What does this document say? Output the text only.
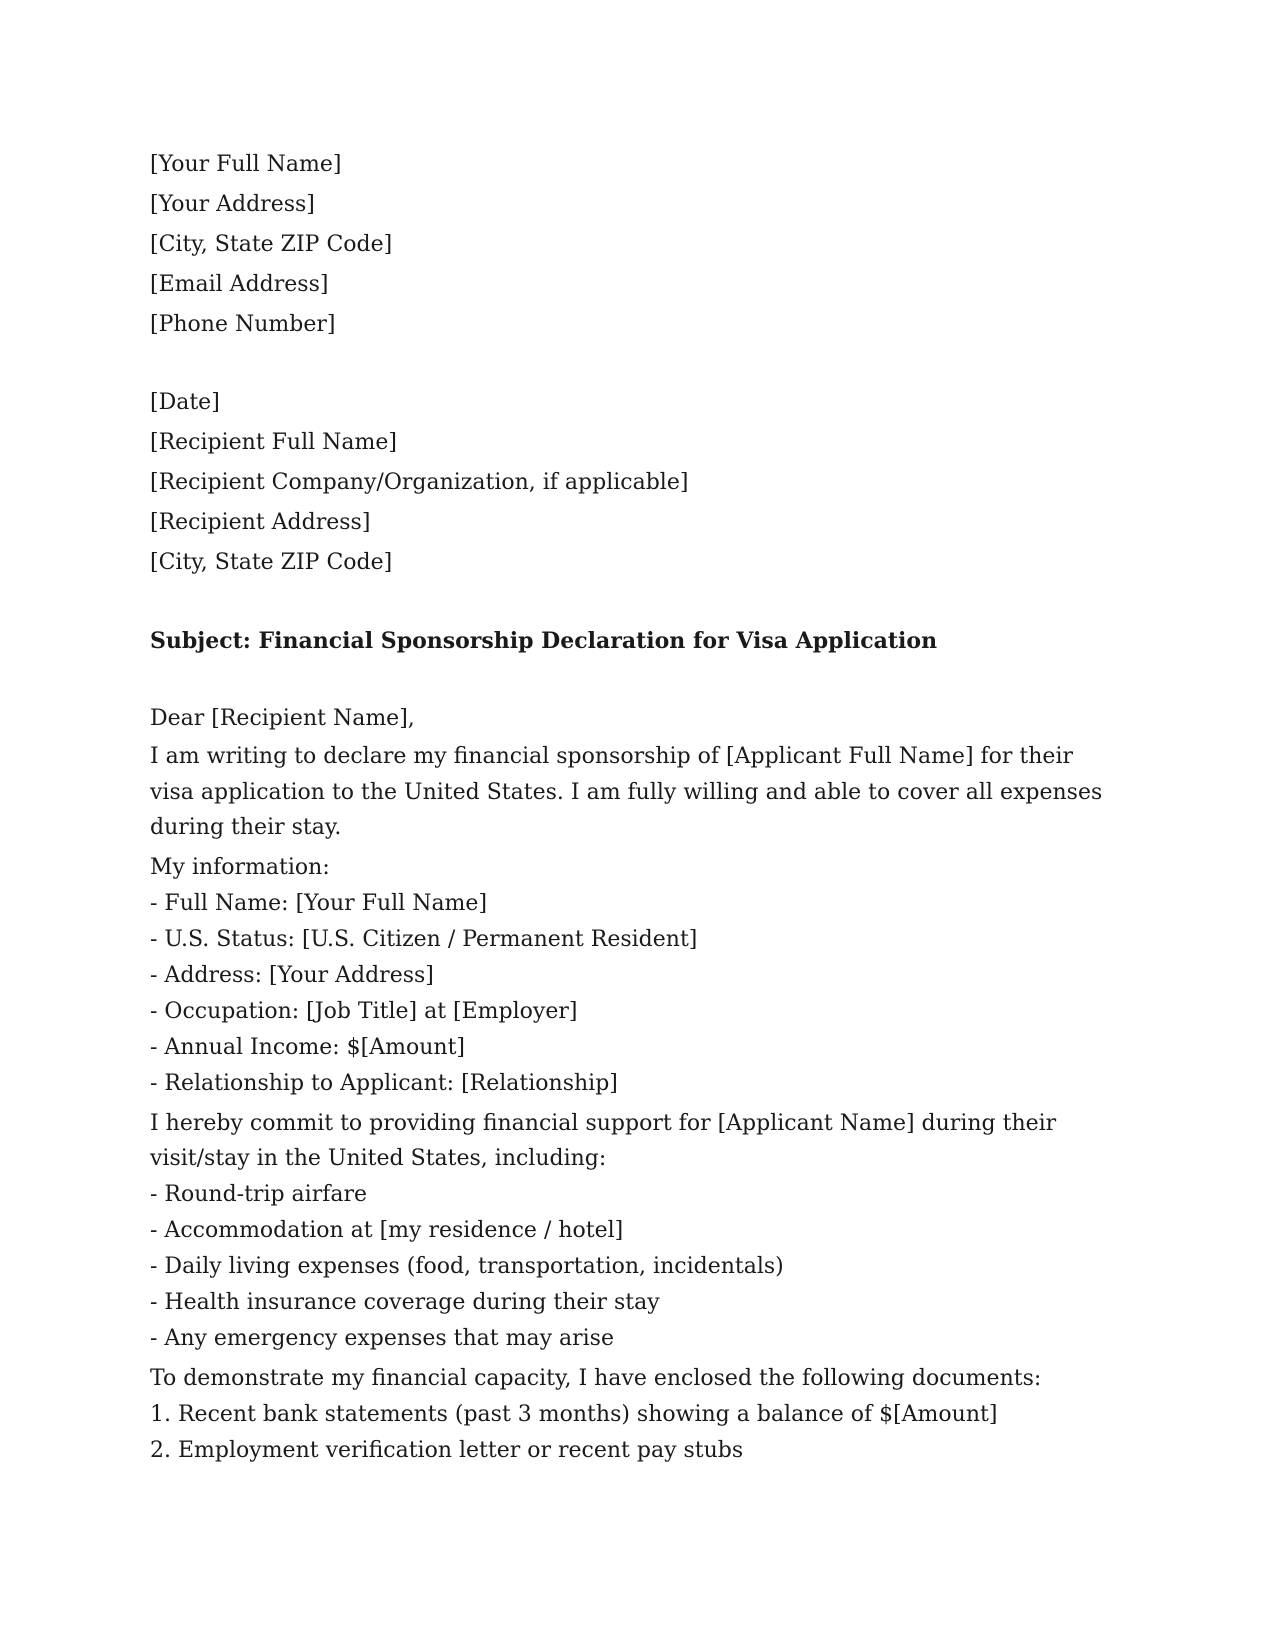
[Your Full Name]
[Your Address]
[City, State ZIP Code]
[Email Address]
[Phone Number]
[Date]
[Recipient Full Name]
[Recipient Company/Organization, if applicable]
[Recipient Address]
[City, State ZIP Code]
Subject: Financial Sponsorship Declaration for Visa Application
Dear [Recipient Name],

I am writing to declare my financial sponsorship of [Applicant Full Name] for their visa application to the United States. I am fully willing and able to cover all expenses during their stay.

My information:
- Full Name: [Your Full Name]
- U.S. Status: [U.S. Citizen / Permanent Resident]
- Address: [Your Address]
- Occupation: [Job Title] at [Employer]
- Annual Income: $[Amount]
- Relationship to Applicant: [Relationship]

I hereby commit to providing financial support for [Applicant Name] during their visit/stay in the United States, including:

- Round-trip airfare
- Accommodation at [my residence / hotel]
- Daily living expenses (food, transportation, incidentals)
- Health insurance coverage during their stay
- Any emergency expenses that may arise
To demonstrate my financial capacity, I have enclosed the following documents:
1. Recent bank statements (past 3 months) showing a balance of $[Amount]
2. Employment verification letter or recent pay stubs
